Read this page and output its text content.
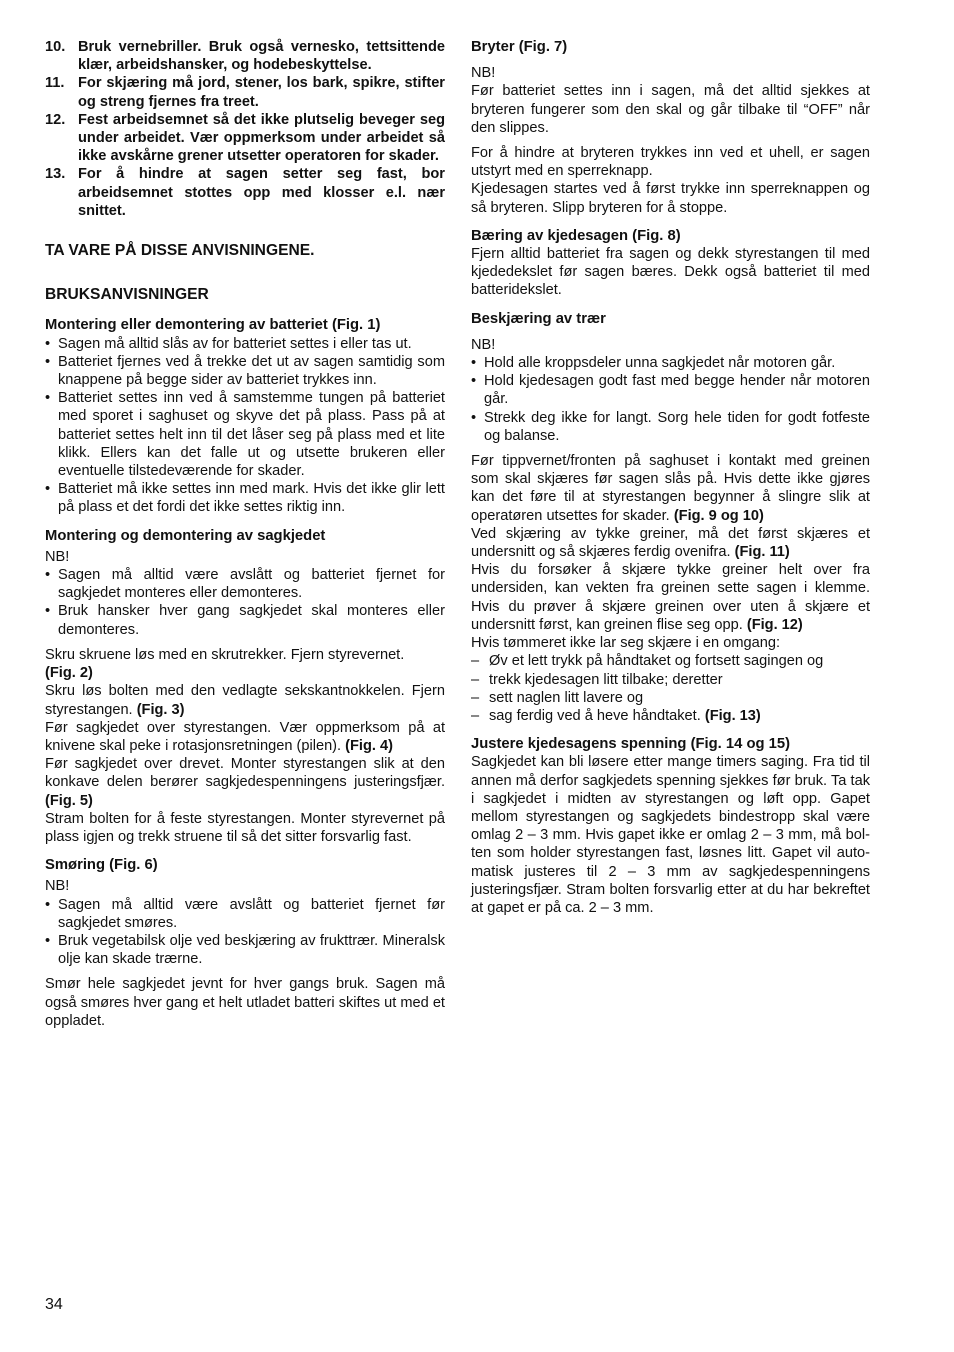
10. Bruk vernebriller. Bruk også vernesko, tettsittende klær, arbeidshansker, og hodebeskyttelse.
11. For skjæring må jord, stener, los bark, spikre, stifter og streng fjernes fra treet.
12. Fest arbeidsemnet så det ikke plutselig beveger seg under arbeidet. Vær oppmerksom under arbeidet så ikke avskårne grener utsetter operatoren for skader.
13. For å hindre at sagen setter seg fast, bor arbeidsemnet stottes opp med klosser e.l. nær snittet.

TA VARE PÅ DISSE ANVISNINGENE.

BRUKSANVISNINGER

Montering eller demontering av batteriet (Fig. 1)
• Sagen må alltid slås av for batteriet settes i eller tas ut.
• Batteriet fjernes ved å trekke det ut av sagen samtidig som knappene på begge sider av batteriet trykkes inn.
• Batteriet settes inn ved å samstemme tungen på batteriet med sporet i saghuset og skyve det på plass. Pass på at batteriet settes helt inn til det låser seg på plass med et lite klikk. Ellers kan det falle ut og utsette brukeren eller eventuelle tilstedeværende for skader.
• Batteriet må ikke settes inn med mark. Hvis det ikke glir lett på plass et det fordi det ikke settes riktig inn.
Montering og demontering av sagkjedet

NB!

• Sagen må alltid være avslått og batteriet fjernet for sagkjedet monteres eller demonteres.
• Bruk hansker hver gang sagkjedet skal monteres eller demonteres.

Skru skruene løs med en skrutrekker. Fjern styrevernet.
(Fig. 2)

Skru løs bolten med den vedlagte sekskantnokkelen. Fjern styrestangen. (Fig. 3)

Før sagkjedet over styrestangen. Vær oppmerksom på at knivene skal peke i rotasjonsretningen (pilen). (Fig. 4)

Før sagkjedet over drevet. Monter styrestangen slik at den konkave delen berører sagkjedespenningens justeringsfjær. (Fig. 5)

Stram bolten for å feste styrestangen. Monter styrevernet på plass igjen og trekk struene til så det sitter forsvarlig fast.

Smøring (Fig. 6)

NB!

• Sagen må alltid være avslått og batteriet fjernet før sagkjedet smøres.
• Bruk vegetabilsk olje ved beskjæring av frukttrær. Mineralsk olje kan skade trærne.

Smør hele sagkjedet jevnt for hver gangs bruk. Sagen må også smøres hver gang et helt utladet batteri skiftes ut med et oppladet.

Bryter (Fig. 7)

NB!

Før batteriet settes inn i sagen, må det alltid sjekkes at bryteren fungerer som den skal og går tilbake til “OFF” når den slippes.

For å hindre at bryteren trykkes inn ved et uhell, er sagen utstyrt med en sperreknapp.

Kjedesagen startes ved å først trykke inn sperreknappen og så bryteren. Slipp bryteren for å stoppe.

Bæring av kjedesagen (Fig. 8)

Fjern alltid batteriet fra sagen og dekk styrestangen til med kjededekslet før sagen bæres. Dekk også batteriet til med batteridekslet.

Beskjæring av trær

NB!

• Hold alle kroppsdeler unna sagkjedet når motoren går.
• Hold kjedesagen godt fast med begge hender når motoren går.
• Strekk deg ikke for langt. Sorg hele tiden for godt fotfeste og balanse.

Før tippvernet/fronten på saghuset i kontakt med greinen som skal skjæres før sagen slås på. Hvis dette ikke gjøres kan det føre til at styrestangen begynner å slingre slik at operatøren utsettes for skader. (Fig. 9 og 10)

Ved skjæring av tykke greiner, må det først skjæres et undersnitt og så skjæres ferdig ovenifra. (Fig. 11)

Hvis du forsøker å skjære tykke greiner helt over fra undersiden, kan vekten fra greinen sette sagen i klemme. Hvis du prøver å skjære greinen over uten å skjære et undersnitt først, kan greinen flise seg opp. (Fig. 12)

Hvis tømmeret ikke lar seg skjære i en omgang:

– Øv et lett trykk på håndtaket og fortsett sagingen og
– trekk kjedesagen litt tilbake; deretter
– sett naglen litt lavere og
– sag ferdig ved å heve håndtaket. (Fig. 13)
Justere kjedesagens spenning (Fig. 14 og 15)

Sagkjedet kan bli løsere etter mange timers saging. Fra tid til annen må derfor sagkjedets spenning sjekkes før bruk. Ta tak i sagkjedet i midten av styrestangen og løft opp. Gapet mellom styrestangen og sagkjedets bindestropp skal være omlag 2 – 3 mm. Hvis gapet ikke er omlag 2 – 3 mm, må bolten som holder styrestangen fast, løsnes litt. Gapet vil automatisk justeres til 2 – 3 mm av sagkjedespenningens justeringsfjær. Stram bolten forsvarlig etter at du har bekreftet at gapet er på ca. 2 – 3 mm.

34
